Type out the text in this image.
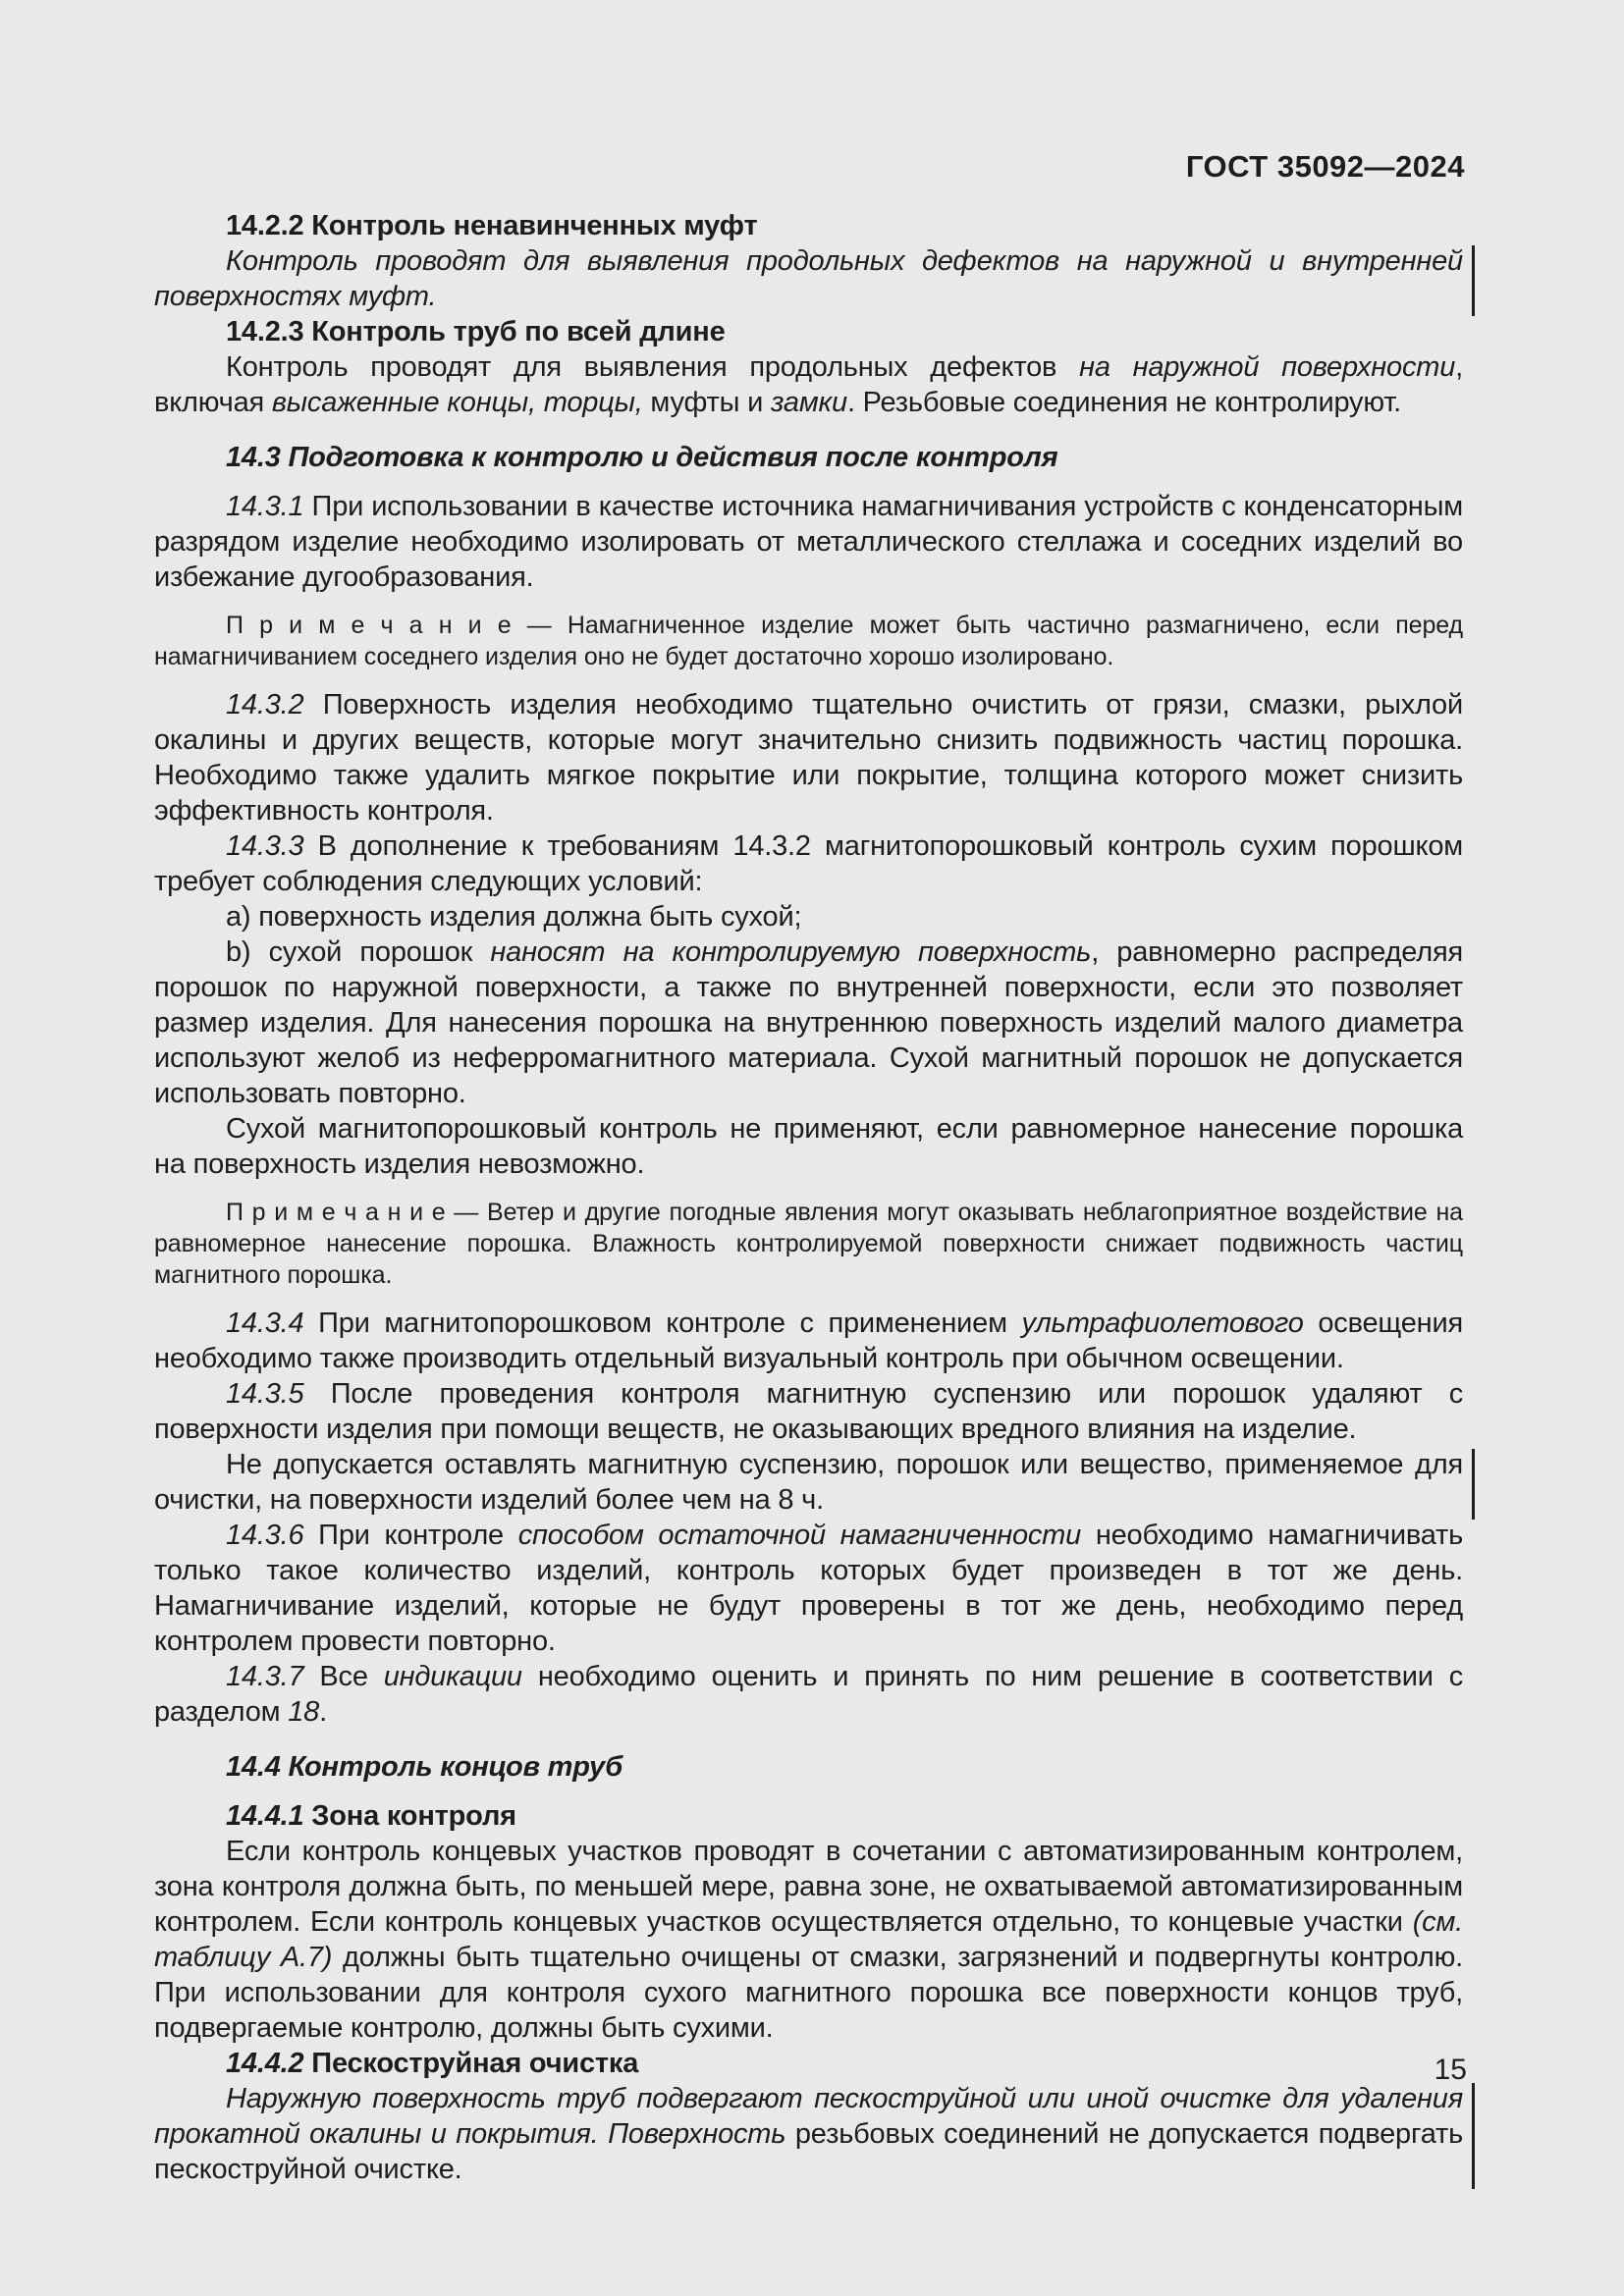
ГОСТ 35092—2024
14.2.2 Контроль ненавинченных муфт
Контроль проводят для выявления продольных дефектов на наружной и внутренней поверхностях муфт.
14.2.3 Контроль труб по всей длине
Контроль проводят для выявления продольных дефектов на наружной поверхности, включая высаженные концы, торцы, муфты и замки. Резьбовые соединения не контролируют.
14.3 Подготовка к контролю и действия после контроля
14.3.1 При использовании в качестве источника намагничивания устройств с конденсаторным разрядом изделие необходимо изолировать от металлического стеллажа и соседних изделий во избежание дугообразования.
П р и м е ч а н и е — Намагниченное изделие может быть частично размагничено, если перед намагничиванием соседнего изделия оно не будет достаточно хорошо изолировано.
14.3.2 Поверхность изделия необходимо тщательно очистить от грязи, смазки, рыхлой окалины и других веществ, которые могут значительно снизить подвижность частиц порошка. Необходимо также удалить мягкое покрытие или покрытие, толщина которого может снизить эффективность контроля.
14.3.3 В дополнение к требованиям 14.3.2 магнитопорошковый контроль сухим порошком требует соблюдения следующих условий:
a) поверхность изделия должна быть сухой;
b) сухой порошок наносят на контролируемую поверхность, равномерно распределяя порошок по наружной поверхности, а также по внутренней поверхности, если это позволяет размер изделия. Для нанесения порошка на внутреннюю поверхность изделий малого диаметра используют желоб из неферромагнитного материала. Сухой магнитный порошок не допускается использовать повторно.
Сухой магнитопорошковый контроль не применяют, если равномерное нанесение порошка на поверхность изделия невозможно.
П р и м е ч а н и е — Ветер и другие погодные явления могут оказывать неблагоприятное воздействие на равномерное нанесение порошка. Влажность контролируемой поверхности снижает подвижность частиц магнитного порошка.
14.3.4 При магнитопорошковом контроле с применением ультрафиолетового освещения необходимо также производить отдельный визуальный контроль при обычном освещении.
14.3.5 После проведения контроля магнитную суспензию или порошок удаляют с поверхности изделия при помощи веществ, не оказывающих вредного влияния на изделие.
Не допускается оставлять магнитную суспензию, порошок или вещество, применяемое для очистки, на поверхности изделий более чем на 8 ч.
14.3.6 При контроле способом остаточной намагниченности необходимо намагничивать только такое количество изделий, контроль которых будет произведен в тот же день. Намагничивание изделий, которые не будут проверены в тот же день, необходимо перед контролем провести повторно.
14.3.7 Все индикации необходимо оценить и принять по ним решение в соответствии с разделом 18.
14.4 Контроль концов труб
14.4.1 Зона контроля
Если контроль концевых участков проводят в сочетании с автоматизированным контролем, зона контроля должна быть, по меньшей мере, равна зоне, не охватываемой автоматизированным контролем. Если контроль концевых участков осуществляется отдельно, то концевые участки (см. таблицу А.7) должны быть тщательно очищены от смазки, загрязнений и подвергнуты контролю. При использовании для контроля сухого магнитного порошка все поверхности концов труб, подвергаемые контролю, должны быть сухими.
14.4.2 Пескоструйная очистка
Наружную поверхность труб подвергают пескоструйной или иной очистке для удаления прокатной окалины и покрытия. Поверхность резьбовых соединений не допускается подвергать пескоструйной очистке.
15
